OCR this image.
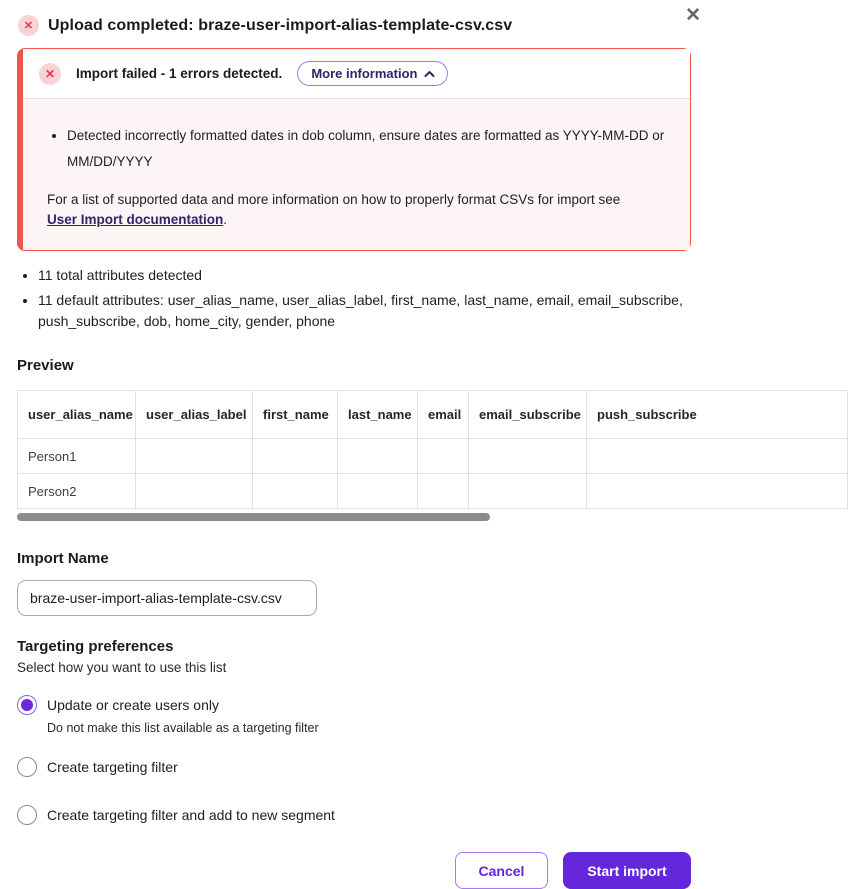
✕ Upload completed: braze-user-import-alias-template-csv.csv	✕
✕	Import failed - 1 errors detected. More information
• Detected incorrectly formatted dates in dob column, ensure dates are formatted as YYYY-MM-DD or MM/DD/YYYY
For a list of supported data and more information on how to properly format CSVs for import see
User Import documentation.
• 11 total attributes detected
• 11 default attributes: user_alias_name, user_alias_label, first_name, last_name, email, email_subscribe, push_subscribe, dob, home_city, gender, phone
Preview
user_alias_name	user_alias_label	first_name	last_name	email	email_subscribe	push_subscribe
Person1						
Person2						
Import Name
braze-user-import-alias-template-csv.csv
Targeting preferences
Select how you want to use this list
Update or create users only
Do not make this list available as a targeting filter
Create targeting filter
Create targeting filter and add to new segment
Cancel	Start import
